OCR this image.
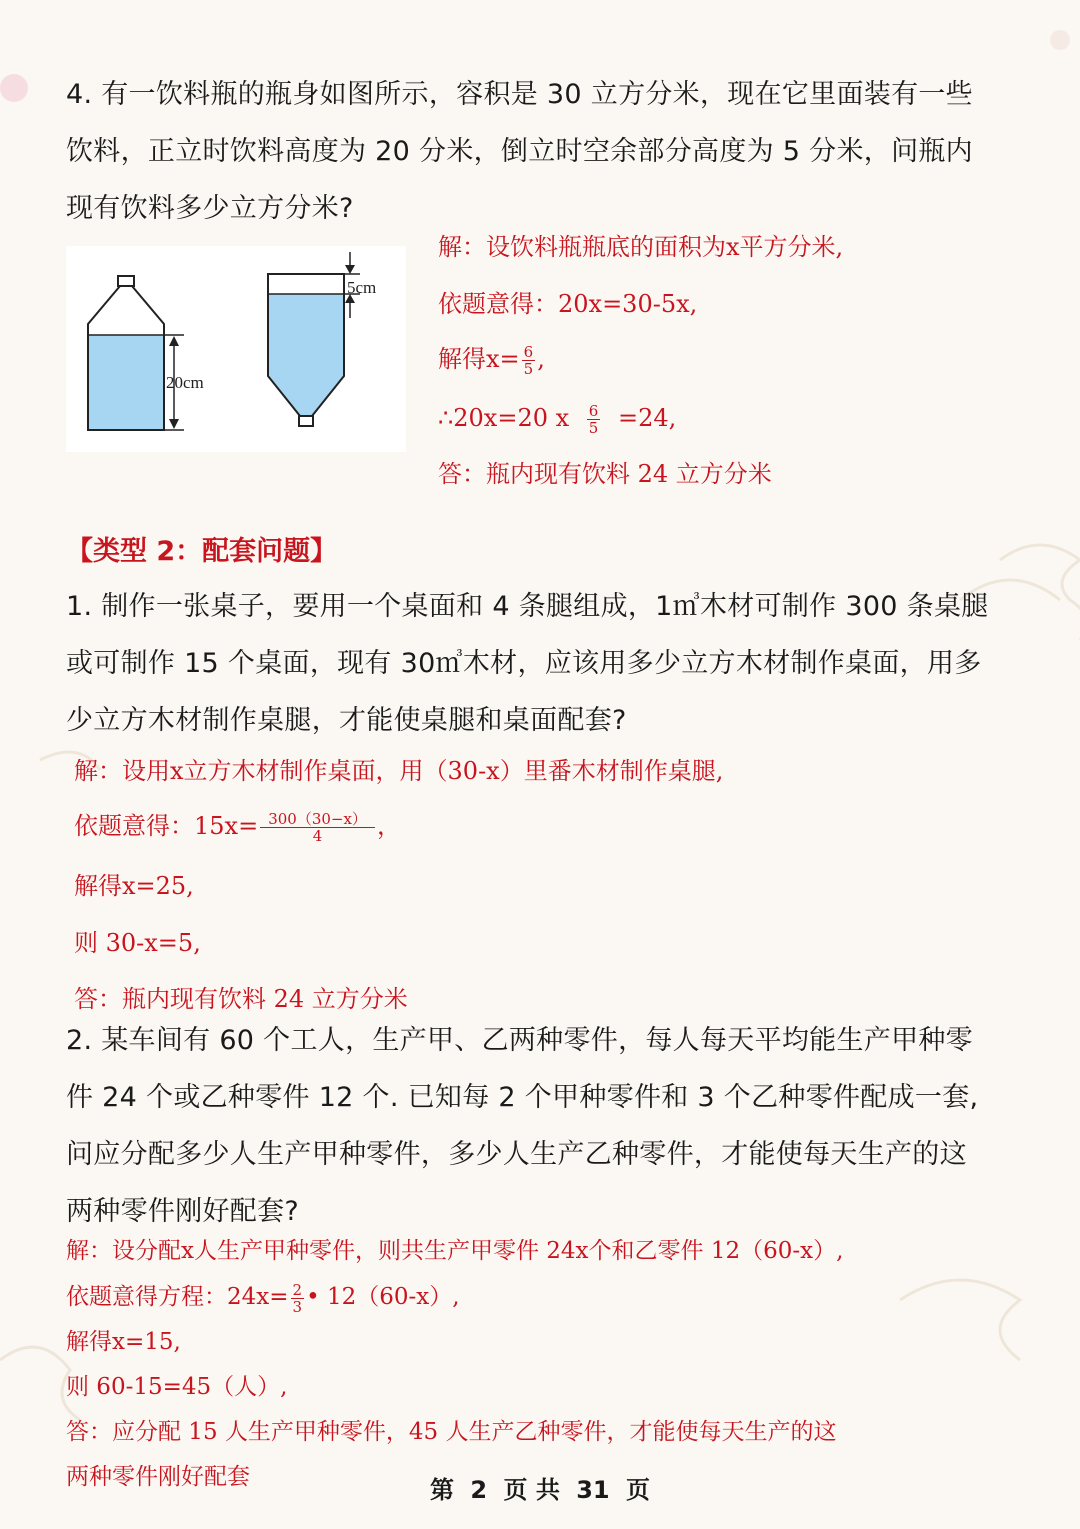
4. 有一饮料瓶的瓶身如图所示，容积是 30 立方分米，现在它里面装有一些
饮料，正立时饮料高度为 20 分米，倒立时空余部分高度为 5 分米，问瓶内
现有饮料多少立方分米?
20cm
5cm
解：设饮料瓶瓶底的面积为x平方分米,
依题意得：20x=30-5x,
解得$x= \frac{6}{5}$ ,
∴20x=20 x $\frac{6}{5} =24$,
答：瓶内现有饮料 24 立方分米
【类型 2：配套问题】
1. 制作一张桌子，要用一个桌面和 4 条腿组成，1㎥木材可制作 300 条桌腿
或可制作 15 个桌面，现有 30㎥木材，应该用多少立方木材制作桌面，用多
少立方木材制作桌腿，才能使桌腿和桌面配套?
解：设用x立方木材制作桌面，用（30-x）里番木材制作桌腿,
依题意得：$15x= \frac{300(30-x)}{4}$ ，
解得x=25,
则 30-x=5,
答：瓶内现有饮料 24 立方分米
2. 某车间有 60 个工人，生产甲、乙两种零件，每人每天平均能生产甲种零
件 24 个或乙种零件 12 个. 已知每 2 个甲种零件和 3 个乙种零件配成一套,
问应分配多少人生产甲种零件，多少人生产乙种零件，才能使每天生产的这
两种零件刚好配套?
解：设分配x人生产甲种零件，则共生产甲零件 24x个和乙零件 12（60-x）,
依题意得方程：$24x= \frac{2}{3}$ • 12（60-x）,
解得x=15,
则 60-15=45（人）,
答：应分配 15 人生产甲种零件，45 人生产乙种零件，才能使每天生产的这
两种零件刚好配套	第 2 页 共 31 页
